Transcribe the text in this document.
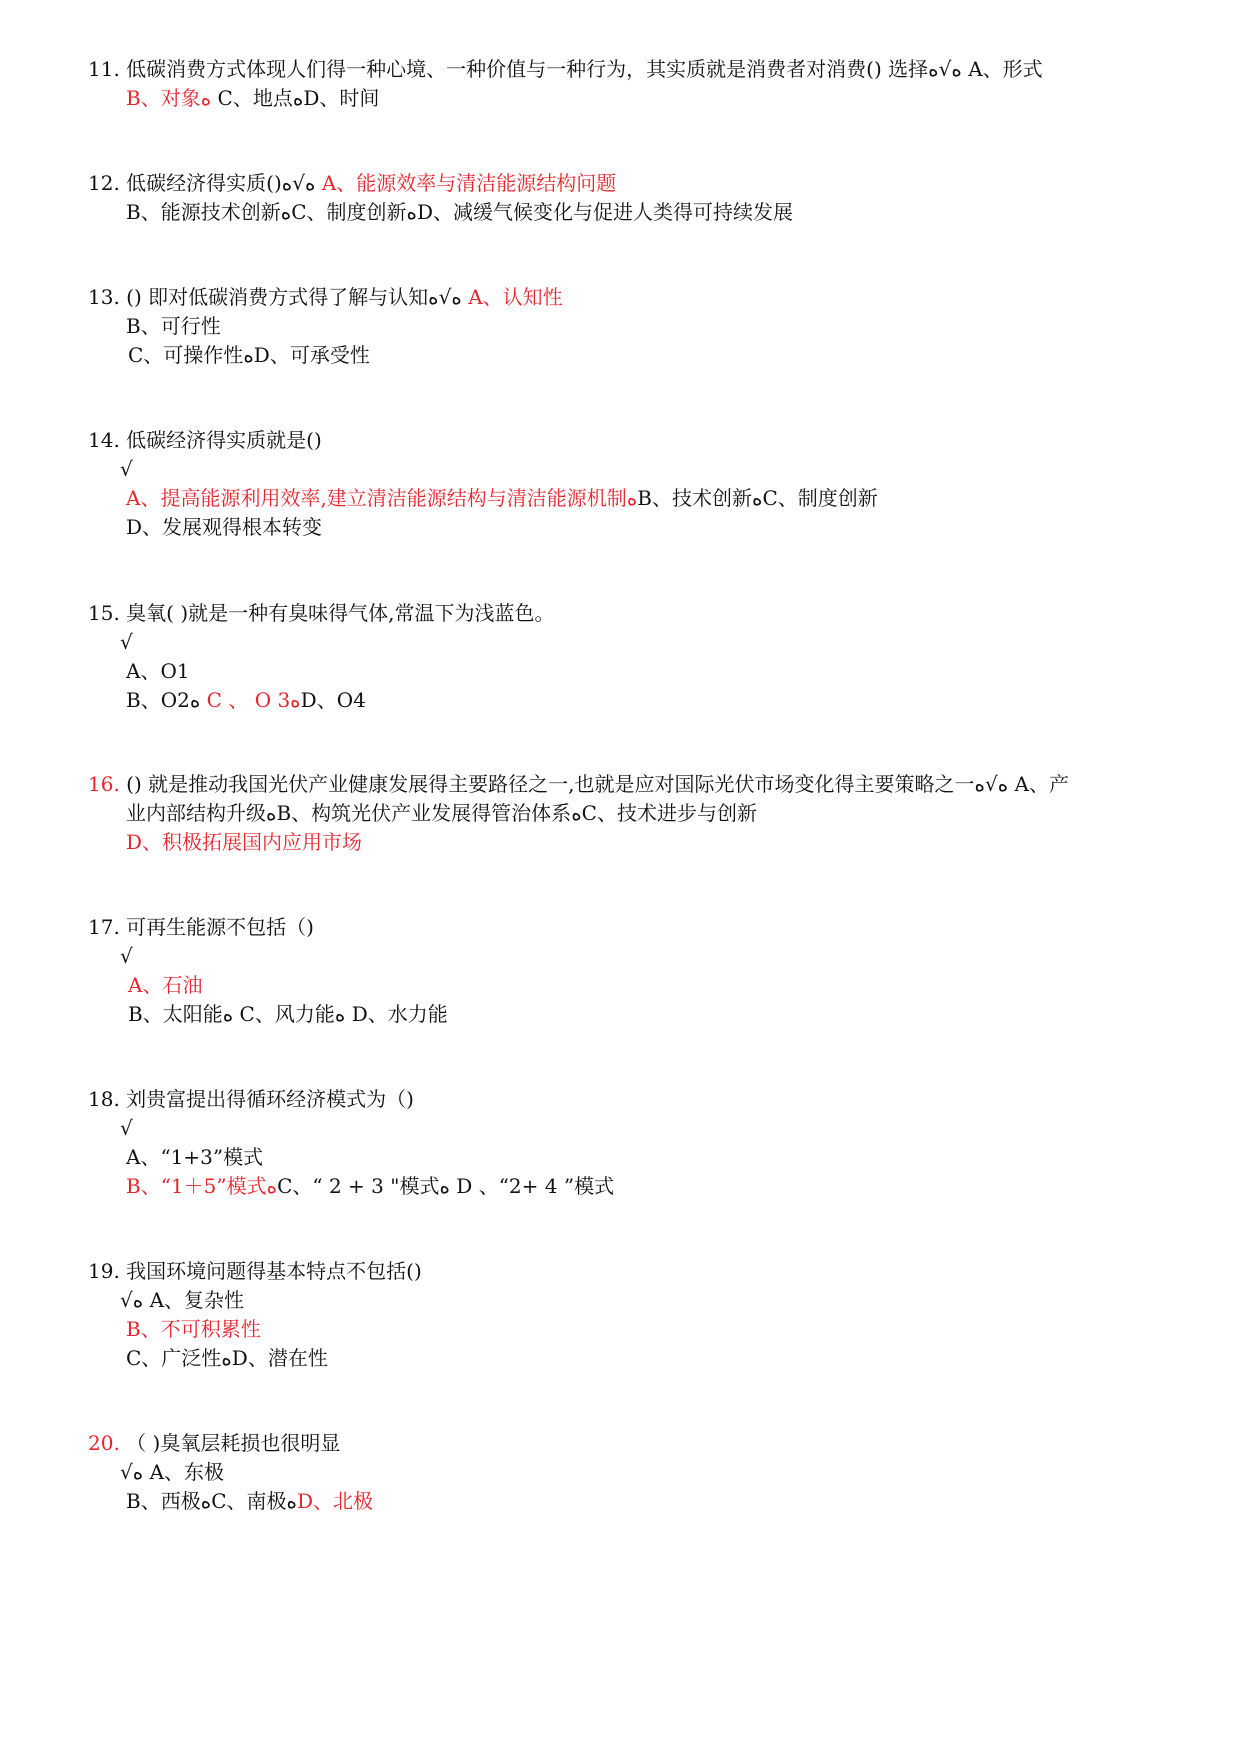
11. 低碳消费方式体现人们得一种心境、一种价值与一种行为，其实质就是消费者对消费() 选择ﻩ√ﻩ A、形式
B、对象ﻩ C、地点ﻩD、时间
12. 低碳经济得实质()ﻩ√ﻩ A、能源效率与清洁能源结构问题
B、能源技术创新ﻩC、制度创新ﻩD、减缓气候变化与促进人类得可持续发展
13. () 即对低碳消费方式得了解与认知ﻩ√ﻩ A、认知性
B、可行性
C、可操作性ﻩD、可承受性
14. 低碳经济得实质就是()
√
A、提高能源利用效率,建立清洁能源结构与清洁能源机制ﻩB、技术创新ﻩC、制度创新
D、发展观得根本转变
15. 臭氧( )就是一种有臭味得气体,常温下为浅蓝色。
√
A、O1
B、O2ﻩ C 、 O 3ﻩD、O4
16. () 就是推动我国光伏产业健康发展得主要路径之一,也就是应对国际光伏市场变化得主要策略之一ﻩ√ﻩ A、产
业内部结构升级ﻩB、构筑光伏产业发展得管治体系ﻩC、技术进步与创新
D、积极拓展国内应用市场
17. 可再生能源不包括（)
√
A、石油
B、太阳能ﻩ C、风力能ﻩ D、水力能
18. 刘贵富提出得循环经济模式为（)
√
A、“1+3”模式
B、“1＋5”模式ﻩC、“ 2 + 3 "模式ﻩ D 、“2+ 4 ”模式
19. 我国环境问题得基本特点不包括()
√ﻩ A、复杂性
B、不可积累性
C、广泛性ﻩD、潜在性
20. （ )臭氧层耗损也很明显
√ﻩ A、东极
B、西极ﻩC、南极ﻩD、北极
